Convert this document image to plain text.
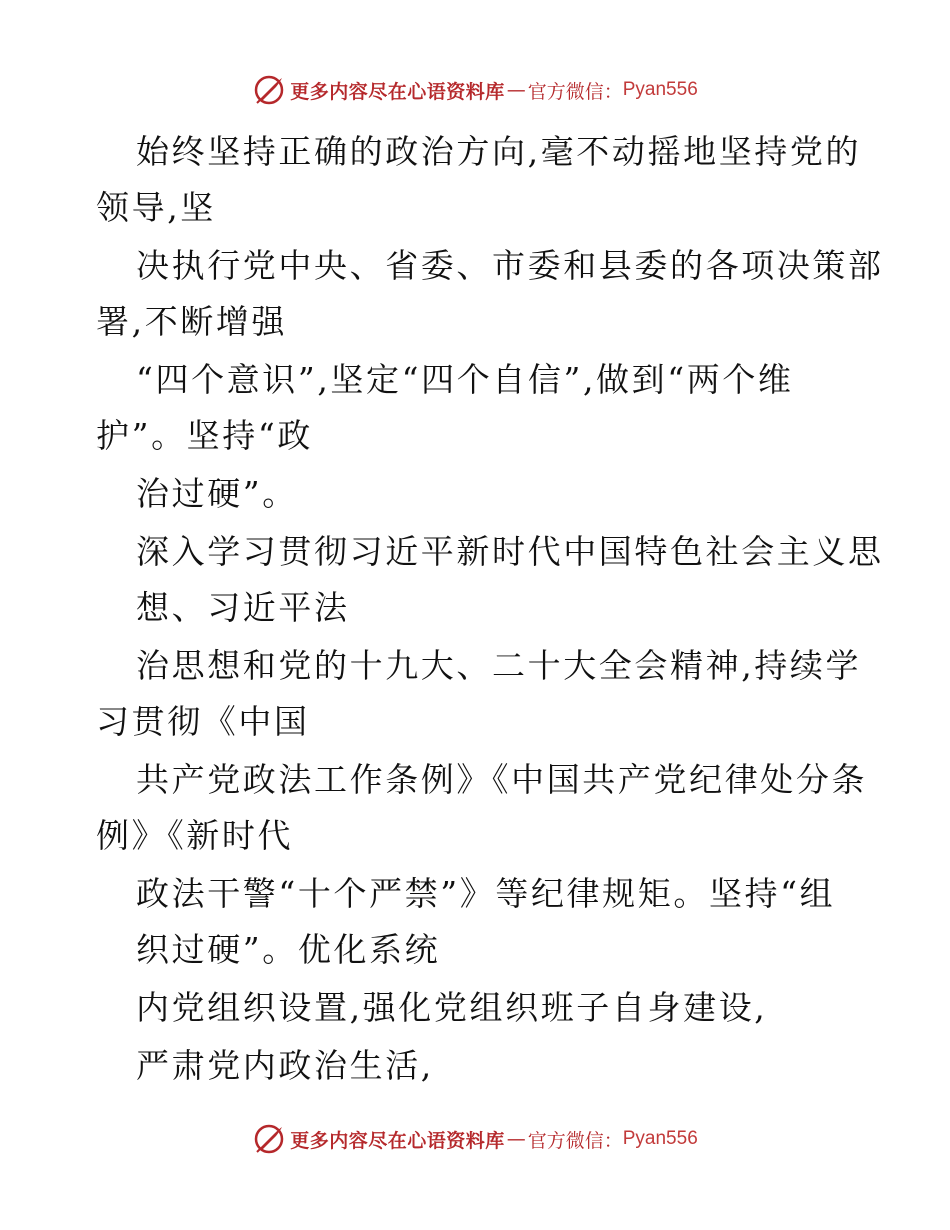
更多内容尽在心语资料库 — 官方微信： Pyan556
始终坚持正确的政治方向,毫不动摇地坚持党的
领导,坚
决执行党中央、省委、市委和县委的各项决策部
署,不断增强
“四个意识”,坚定“四个自信”,做到“两个维
护”。坚持“政
治过硬”。
深入学习贯彻习近平新时代中国特色社会主义思
想、习近平法
治思想和党的十九大、二十大全会精神,持续学
习贯彻《中国
共产党政法工作条例》《中国共产党纪律处分条
例》《新时代
政法干警“十个严禁”》等纪律规矩。坚持“组
织过硬”。优化系统
内党组织设置,强化党组织班子自身建设,
严肃党内政治生活,
更多内容尽在心语资料库 — 官方微信： Pyan556
